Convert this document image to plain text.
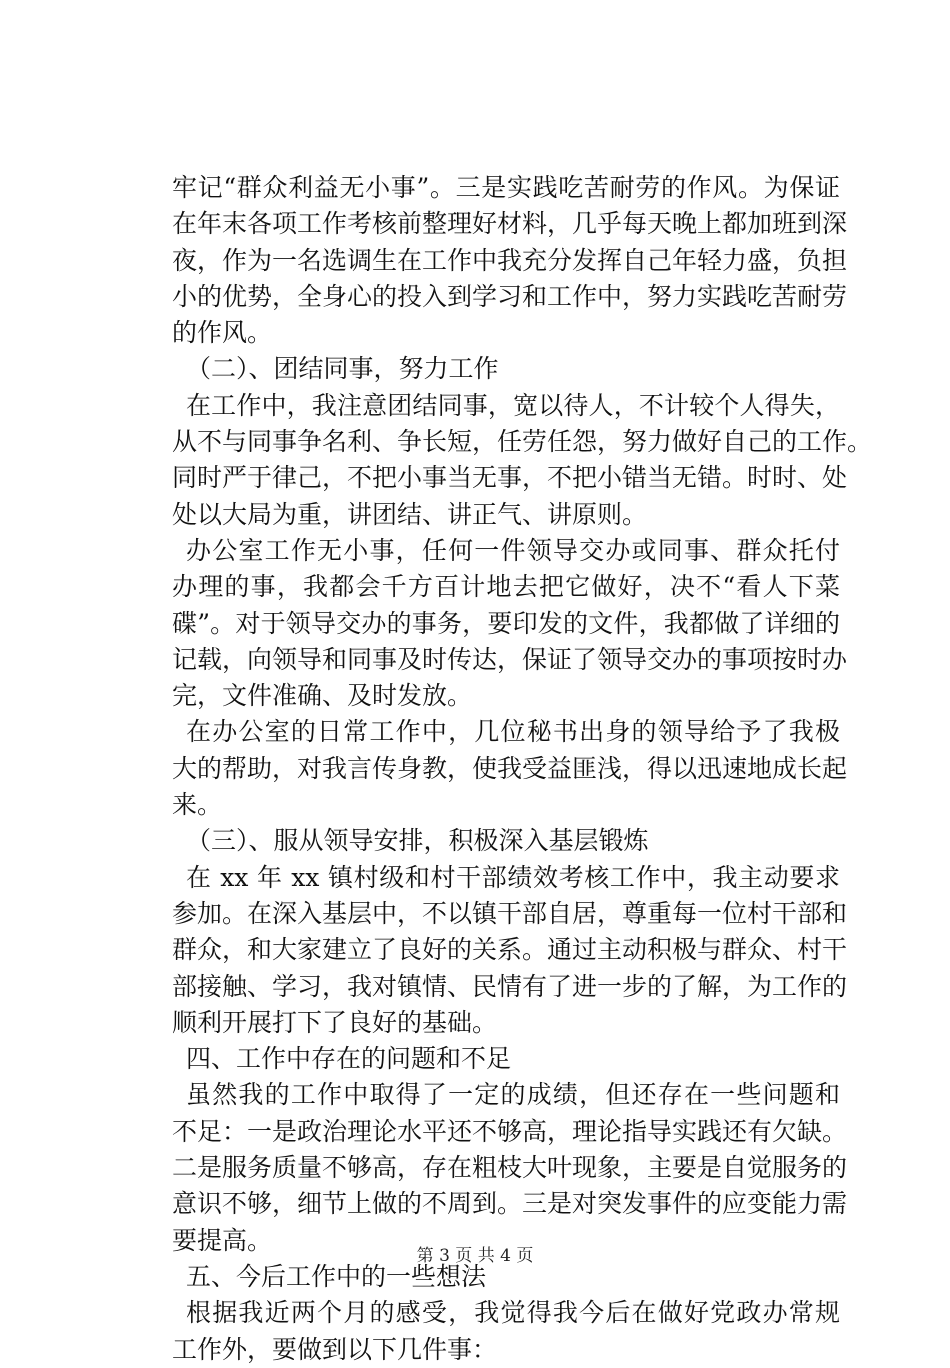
牢记“群众利益无小事”。三是实践吃苦耐劳的作风。为保证
在年末各项工作考核前整理好材料，几乎每天晚上都加班到深
夜，作为一名选调生在工作中我充分发挥自己年轻力盛，负担
小的优势，全身心的投入到学习和工作中，努力实践吃苦耐劳
的作风。
（二）、团结同事，努力工作
在工作中，我注意团结同事，宽以待人，不计较个人得失，
从不与同事争名利、争长短，任劳任怨，努力做好自己的工作。
同时严于律己，不把小事当无事，不把小错当无错。时时、处
处以大局为重，讲团结、讲正气、讲原则。
办公室工作无小事，任何一件领导交办或同事、群众托付
办理的事，我都会千方百计地去把它做好，决不“看人下菜
碟”。对于领导交办的事务，要印发的文件，我都做了详细的
记载，向领导和同事及时传达，保证了领导交办的事项按时办
完，文件准确、及时发放。
在办公室的日常工作中，几位秘书出身的领导给予了我极
大的帮助，对我言传身教，使我受益匪浅，得以迅速地成长起
来。
（三）、服从领导安排，积极深入基层锻炼
在 xx 年 xx 镇村级和村干部绩效考核工作中，我主动要求
参加。在深入基层中，不以镇干部自居，尊重每一位村干部和
群众，和大家建立了良好的关系。通过主动积极与群众、村干
部接触、学习，我对镇情、民情有了进一步的了解，为工作的
顺利开展打下了良好的基础。
四、工作中存在的问题和不足
虽然我的工作中取得了一定的成绩，但还存在一些问题和
不足：一是政治理论水平还不够高，理论指导实践还有欠缺。
二是服务质量不够高，存在粗枝大叶现象，主要是自觉服务的
意识不够，细节上做的不周到。三是对突发事件的应变能力需
要提高。
五、今后工作中的一些想法
根据我近两个月的感受，我觉得我今后在做好党政办常规
工作外，要做到以下几件事：
第 3 页 共 4 页
